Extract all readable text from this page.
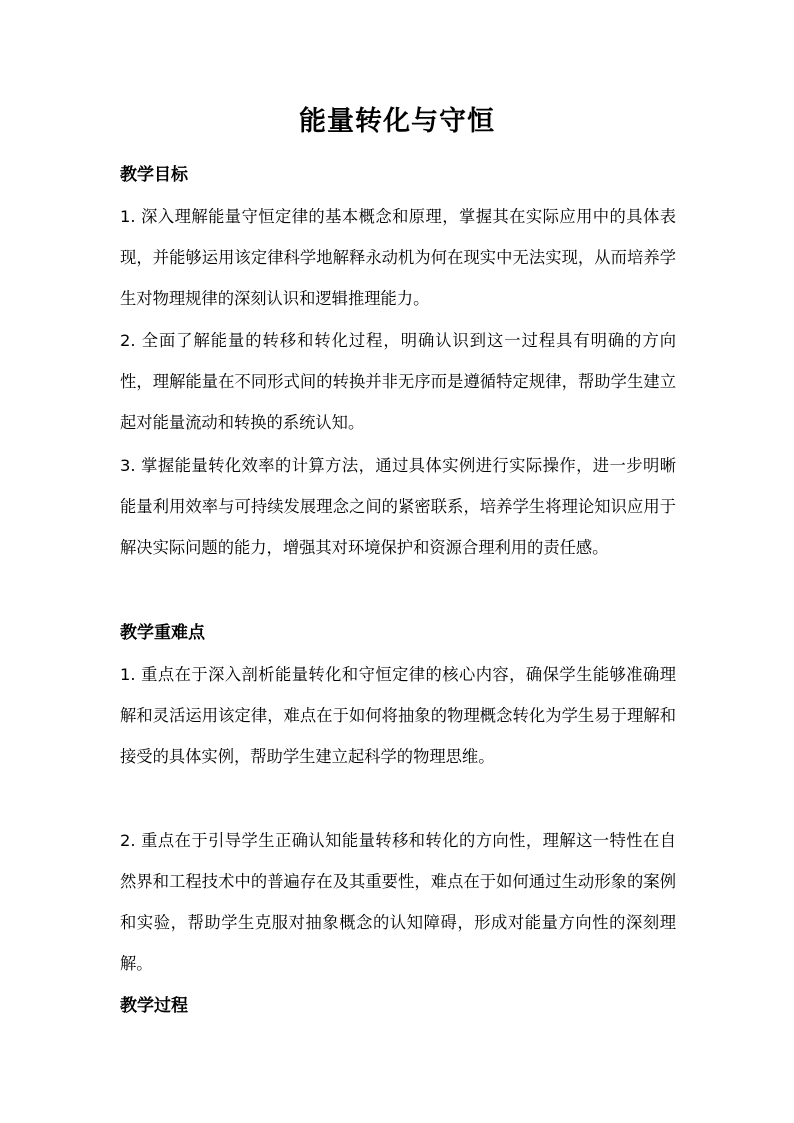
能量转化与守恒
教学目标
1. 深入理解能量守恒定律的基本概念和原理，掌握其在实际应用中的具体表现，并能够运用该定律科学地解释永动机为何在现实中无法实现，从而培养学生对物理规律的深刻认识和逻辑推理能力。
2. 全面了解能量的转移和转化过程，明确认识到这一过程具有明确的方向性，理解能量在不同形式间的转换并非无序而是遵循特定规律，帮助学生建立起对能量流动和转换的系统认知。
3. 掌握能量转化效率的计算方法，通过具体实例进行实际操作，进一步明晰能量利用效率与可持续发展理念之间的紧密联系，培养学生将理论知识应用于解决实际问题的能力，增强其对环境保护和资源合理利用的责任感。
教学重难点
1. 重点在于深入剖析能量转化和守恒定律的核心内容，确保学生能够准确理解和灵活运用该定律，难点在于如何将抽象的物理概念转化为学生易于理解和接受的具体实例，帮助学生建立起科学的物理思维。
2. 重点在于引导学生正确认知能量转移和转化的方向性，理解这一特性在自然界和工程技术中的普遍存在及其重要性，难点在于如何通过生动形象的案例和实验，帮助学生克服对抽象概念的认知障碍，形成对能量方向性的深刻理解。
教学过程
